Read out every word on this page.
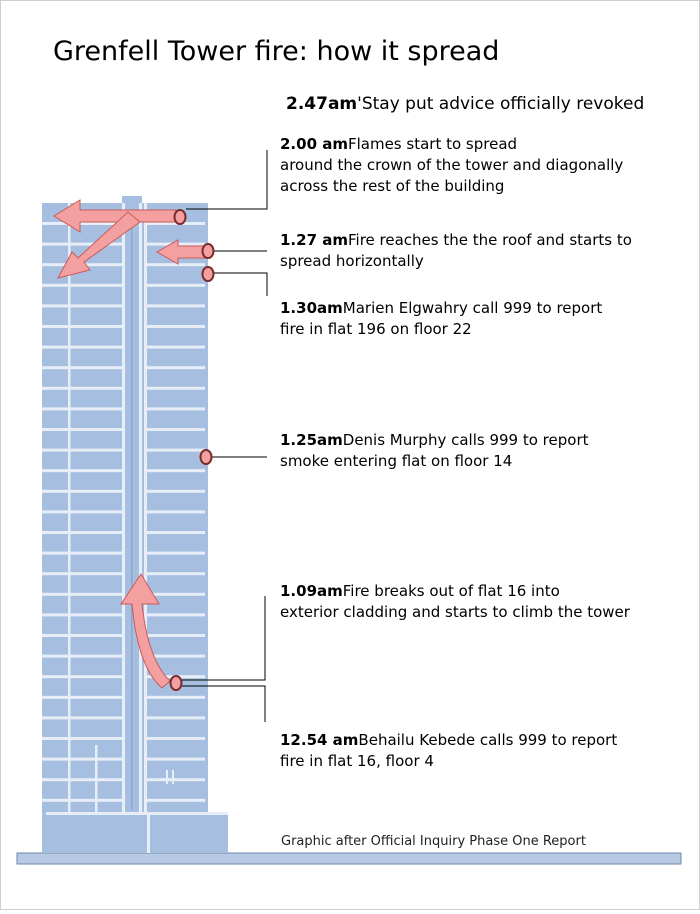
Grenfell Tower fire: how it spread
2.47am'Stay put advice officially revoked
2.00 amFlames start to spread
around the crown of the tower and diagonally
across the rest of the building
1.27 amFire reaches the the roof and starts to
spread horizontally
1.30amMarien Elgwahry call 999 to report
fire in flat 196 on floor 22
1.25amDenis Murphy calls 999 to report
smoke entering flat on floor 14
1.09amFire breaks out of flat 16 into
exterior cladding and starts to climb the tower
12.54 amBehailu Kebede calls 999 to report
fire in flat 16, floor 4
Graphic after Official Inquiry Phase One Report
